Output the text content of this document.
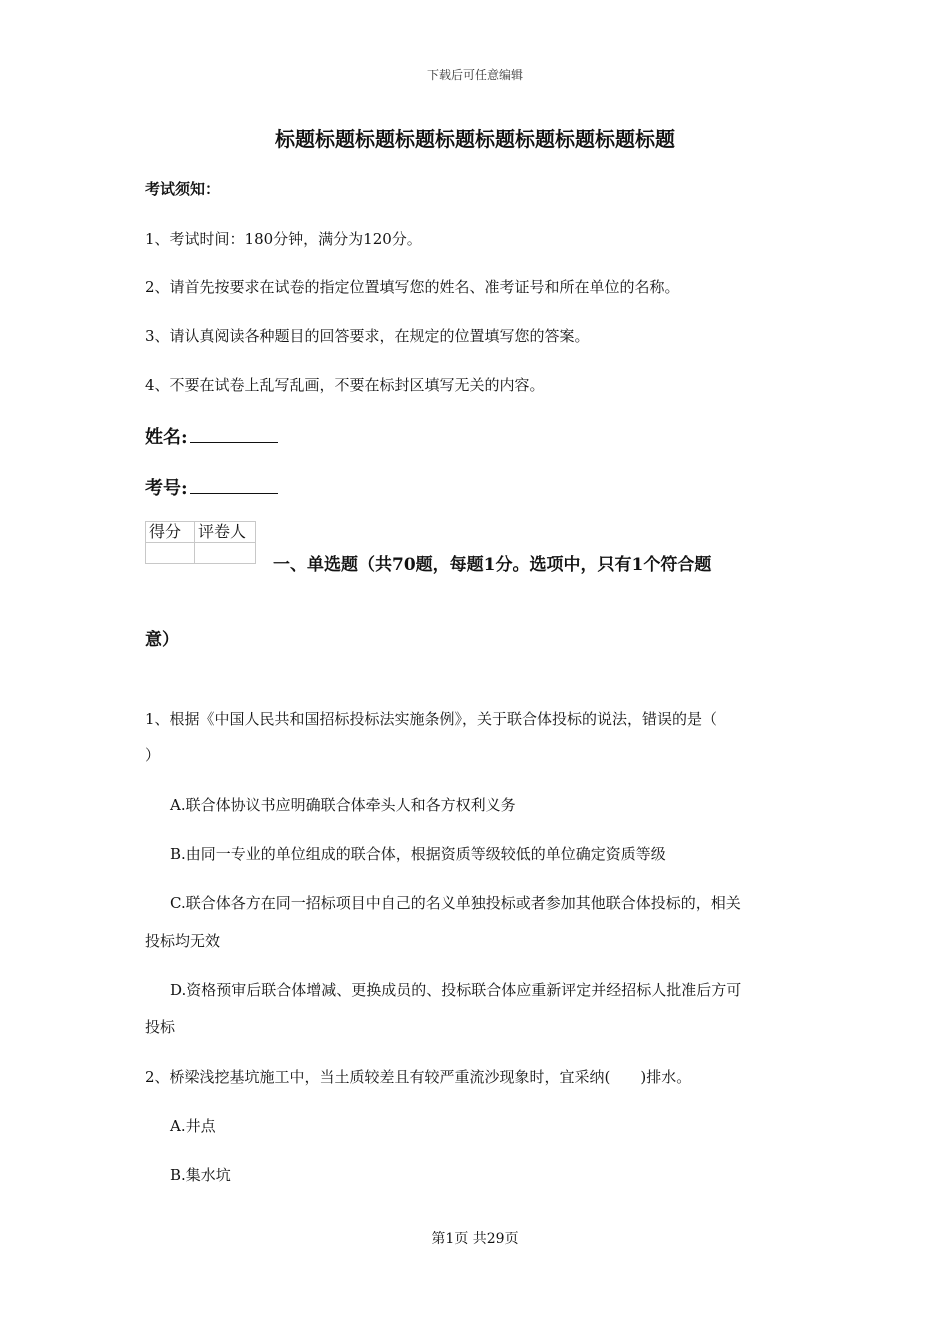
下载后可任意编辑
标题标题标题标题标题标题标题标题标题标题
考试须知：
1、考试时间：180分钟，满分为120分。
2、请首先按要求在试卷的指定位置填写您的姓名、准考证号和所在单位的名称。
3、请认真阅读各种题目的回答要求，在规定的位置填写您的答案。
4、不要在试卷上乱写乱画，不要在标封区填写无关的内容。
姓名:
考号:
得分	评卷人

一、单选题（共70题，每题1分。选项中，只有1个符合题
意）
1、根据《中国人民共和国招标投标法实施条例》，关于联合体投标的说法，错误的是（
）
A.联合体协议书应明确联合体牵头人和各方权利义务
B.由同一专业的单位组成的联合体，根据资质等级较低的单位确定资质等级
C.联合体各方在同一招标项目中自己的名义单独投标或者参加其他联合体投标的，相关
投标均无效
D.资格预审后联合体增减、更换成员的、投标联合体应重新评定并经招标人批准后方可
投标
2、桥梁浅挖基坑施工中，当土质较差且有较严重流沙现象时，宜采纳(　　)排水。
A.井点
B.集水坑
第1页 共29页
